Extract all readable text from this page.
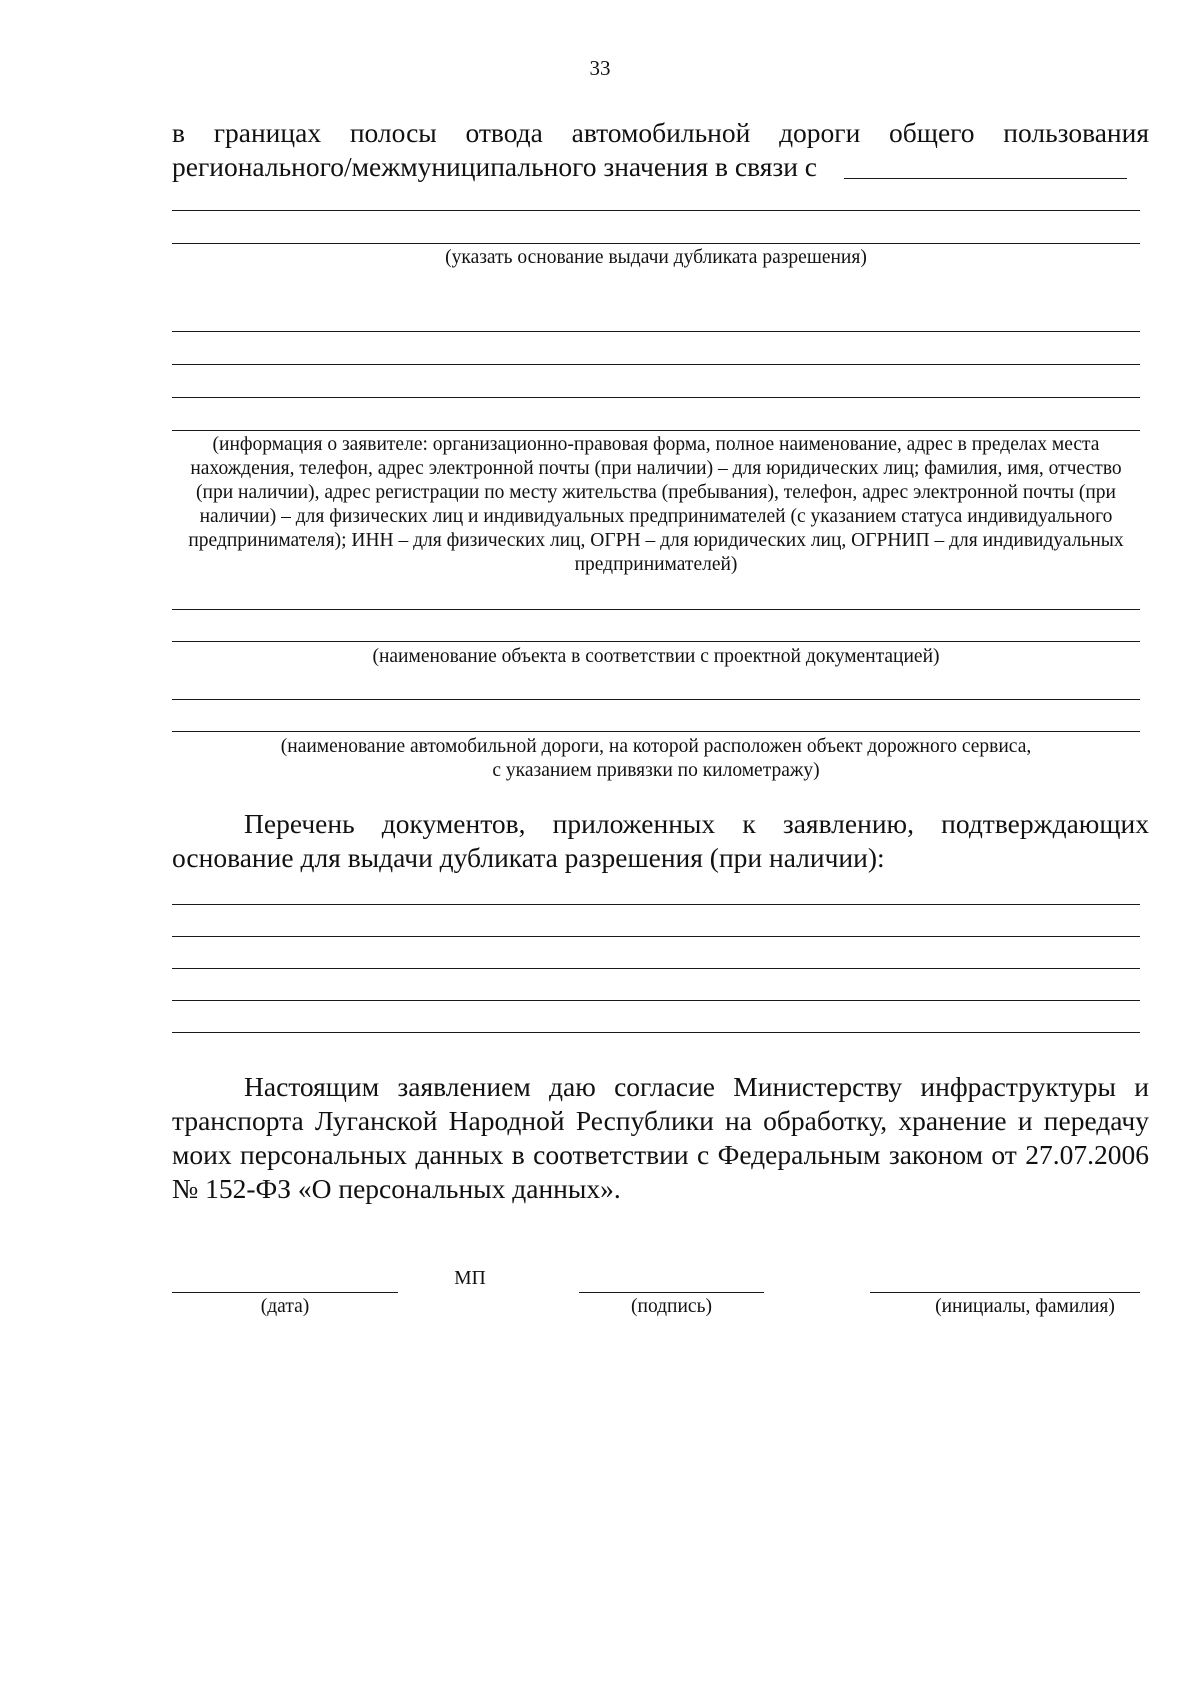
33
в границах полосы отвода автомобильной дороги общего пользования
регионального/межмуниципального значения в связи с
(указать основание выдачи дубликата разрешения)
(информация о заявителе: организационно-правовая форма, полное наименование, адрес в пределах места нахождения, телефон, адрес электронной почты (при наличии) – для юридических лиц; фамилия, имя, отчество (при наличии), адрес регистрации по месту жительства (пребывания), телефон, адрес электронной почты (при наличии) – для физических лиц и индивидуальных предпринимателей (с указанием статуса индивидуального предпринимателя); ИНН – для физических лиц, ОГРН – для юридических лиц, ОГРНИП – для индивидуальных предпринимателей)
(наименование объекта в соответствии с проектной документацией)
(наименование автомобильной дороги, на которой расположен объект дорожного сервиса,
с указанием привязки по километражу)
Перечень документов, приложенных к заявлению, подтверждающих основание для выдачи дубликата разрешения (при наличии):
Настоящим заявлением даю согласие Министерству инфраструктуры и транспорта Луганской Народной Республики на обработку, хранение и передачу моих персональных данных в соответствии с Федеральным законом от 27.07.2006 № 152-ФЗ «О персональных данных».
(дата)
МП
(подпись)	(инициалы, фамилия)
